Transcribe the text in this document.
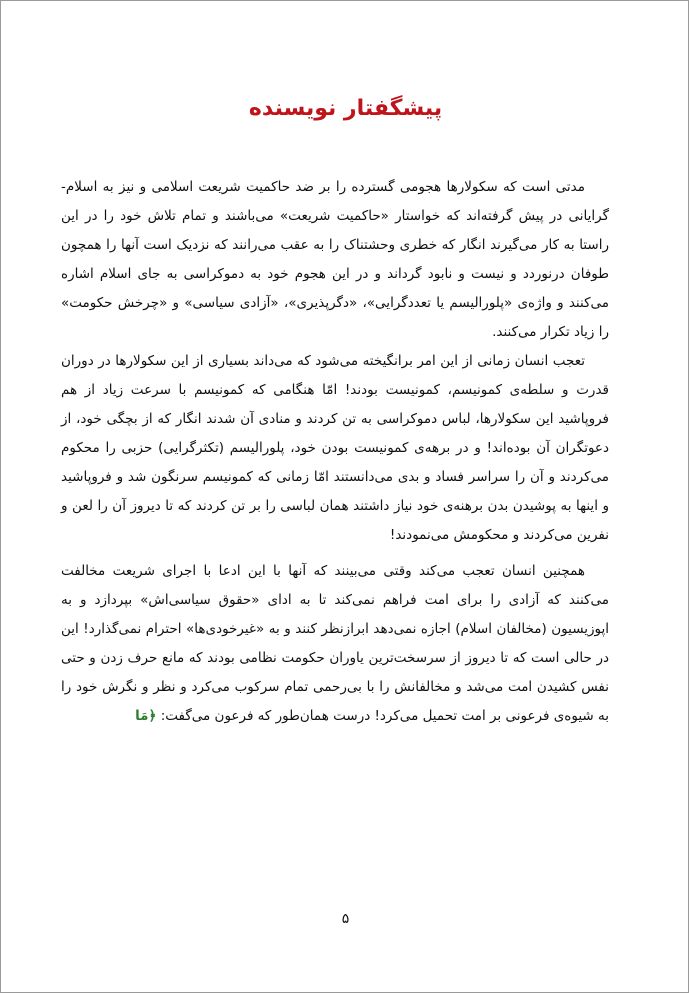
پیشگفتار نویسنده

مدتی است که سکولارها هجومی گسترده را بر ضد حاکمیت شریعت اسلامی و نیز به اسلام-گرایانی در پیش گرفته‌اند که خواستار «حاکمیت شریعت» می‌باشند و تمام تلاش خود را در این راستا به کار می‌گیرند انگار که خطری وحشتناک را به عقب می‌رانند که نزدیک است آنها را همچون طوفان درنوردد و نیست و نابود گرداند و در این هجوم خود به دموکراسی به جای اسلام اشاره می‌کنند و واژه‌ی «پلورالیسم یا تعددگرایی»، «دگرپذیری»، «آزادی سیاسی» و «چرخش حکومت» را زیاد تکرار می‌کنند.

تعجب انسان زمانی از این امر برانگیخته می‌شود که می‌داند بسیاری از این سکولارها در دوران قدرت و سلطه‌ی کمونیسم، کمونیست بودند! امّا هنگامی که کمونیسم با سرعت زیاد از هم فروپاشید این سکولارها، لباس دموکراسی به تن کردند و منادی آن شدند انگار که از بچگی خود، از دعوتگران آن بوده‌اند! و در برهه‌ی کمونیست بودن خود، پلورالیسم (تکثرگرایی) حزبی را محکوم می‌کردند و آن را سراسر فساد و بدی می‌دانستند امّا زمانی که کمونیسم سرنگون شد و فروپاشید و اینها به پوشیدن بدن برهنه‌ی خود نیاز داشتند همان لباسی را بر تن کردند که تا دیروز آن را لعن و نفرین می‌کردند و محکومش می‌نمودند!

همچنین انسان تعجب می‌کند وقتی می‌بینند که آنها با این ادعا با اجرای شریعت مخالفت می‌کنند که آزادی را برای امت فراهم نمی‌کند تا به ادای «حقوق سیاسی‌اش» بپردازد و به اپوزیسیون (مخالفان اسلام) اجازه نمی‌دهد ابرازنظر کنند و به «غیرخودی‌ها» احترام نمی‌گذارد! این در حالی است که تا دیروز از سرسخت‌ترین یاوران حکومت نظامی بودند که مانع حرف زدن و حتی نفس کشیدن امت می‌شد و مخالفانش را با بی‌رحمی تمام سرکوب می‌کرد و نظر و نگرش خود را به شیوه‌ی فرعونی بر امت تحمیل می‌کرد! درست همان‌طور که فرعون می‌گفت: ﴿مَا

۵
